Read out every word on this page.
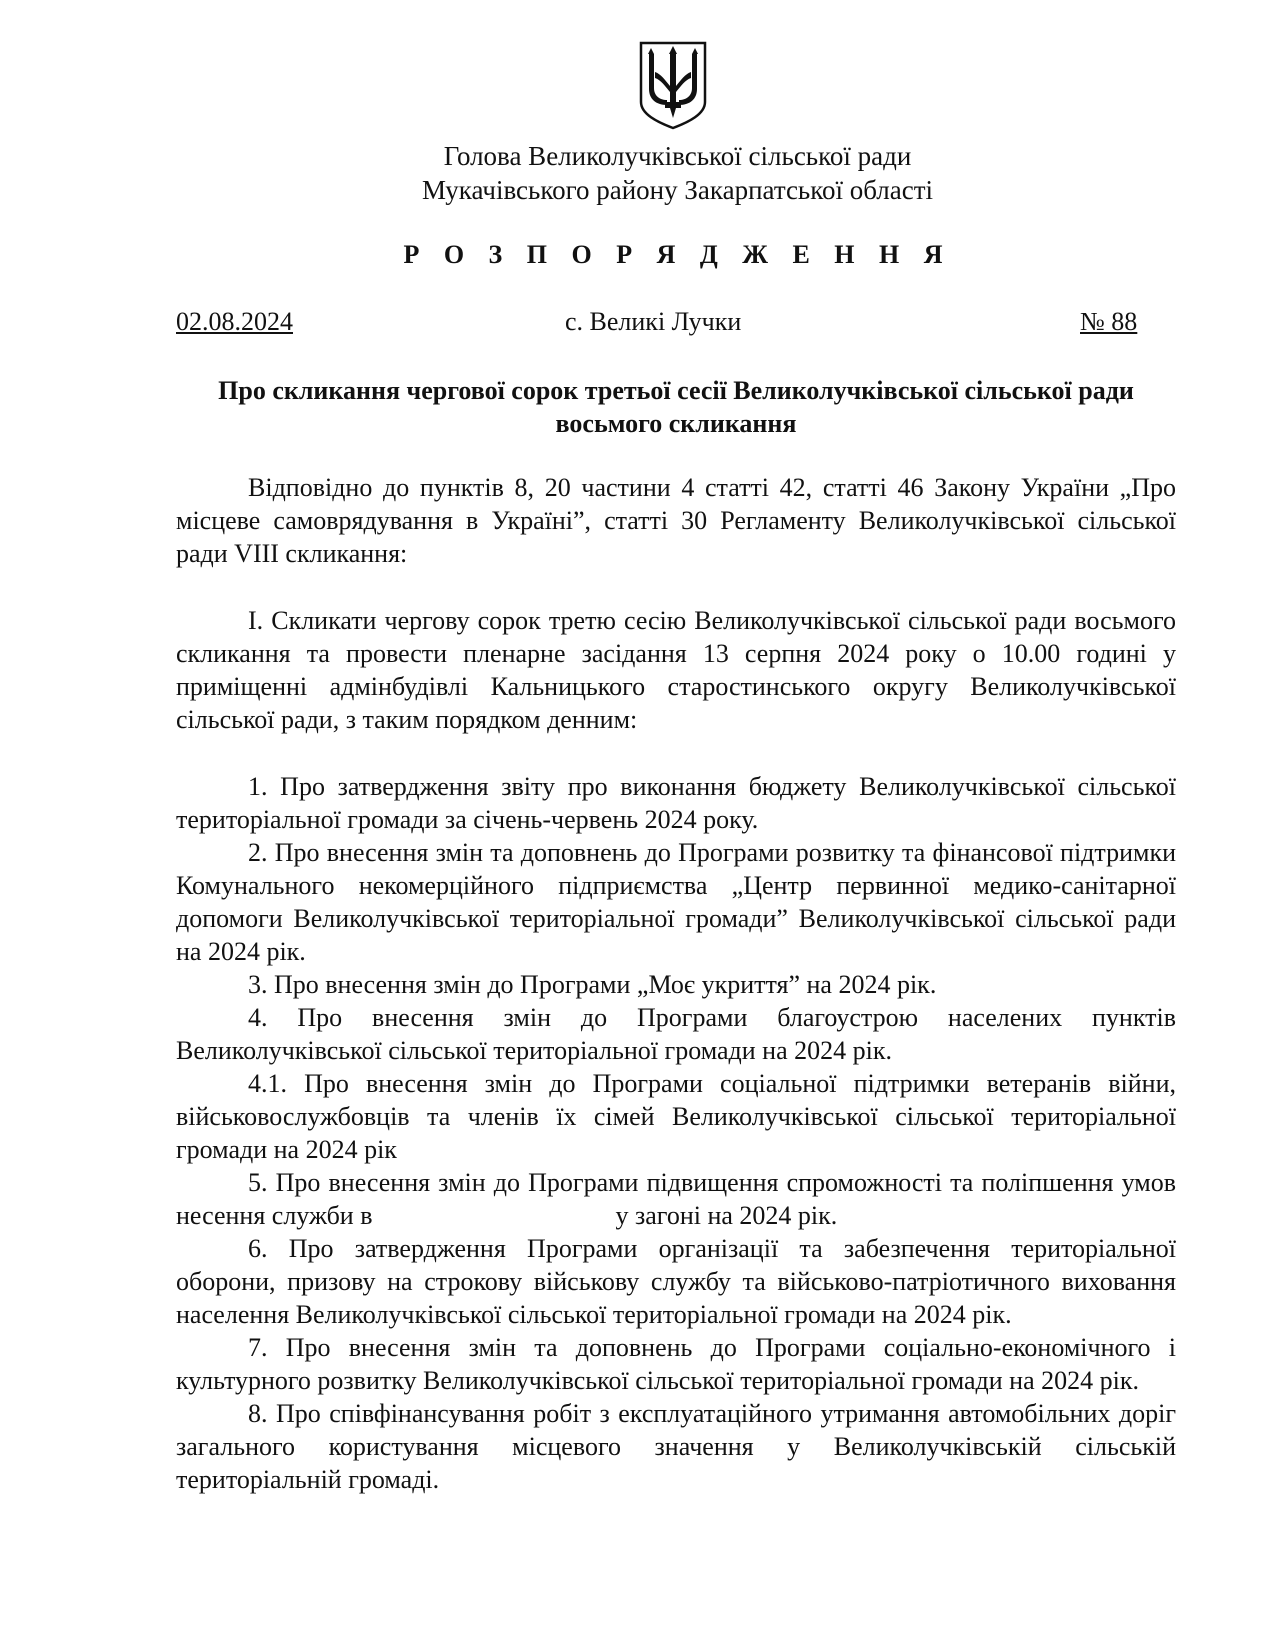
Голова Великолучківської сільської ради
Мукачівського району Закарпатської області
Р О З П О Р Я Д Ж Е Н Н Я
02.08.2024	с. Великі Лучки	№ 88
Про скликання чергової сорок третьої сесії Великолучківської сільської ради восьмого скликання

Відповідно до пунктів 8, 20 частини 4 статті 42, статті 46 Закону України „Про місцеве самоврядування в Україні”, статті 30 Регламенту Великолучківської сільської ради VIII скликання:

I. Скликати чергову сорок третю сесію Великолучківської сільської ради восьмого скликання та провести пленарне засідання 13 серпня 2024 року о 10.00 годині у приміщенні адмінбудівлі Кальницького старостинського округу Великолучківської сільської ради, з таким порядком денним:

1. Про затвердження звіту про виконання бюджету Великолучківської сільської територіальної громади за січень-червень 2024 року.

2. Про внесення змін та доповнень до Програми розвитку та фінансової підтримки Комунального некомерційного підприємства „Центр первинної медико-санітарної допомоги Великолучківської територіальної громади” Великолучківської сільської ради на 2024 рік.

3. Про внесення змін до Програми „Моє укриття” на 2024 рік.

4. Про внесення змін до Програми благоустрою населених пунктів Великолучківської сільської територіальної громади на 2024 рік.

4.1. Про внесення змін до Програми соціальної підтримки ветеранів війни, військовослужбовців та членів їх сімей Великолучківської сільської територіальної громади на 2024 рік

5. Про внесення змін до Програми підвищення спроможності та поліпшення умов несення служби в	у загоні на 2024 рік.

6. Про затвердження Програми організації та забезпечення територіальної оборони, призову на строкову військову службу та військово-патріотичного виховання населення Великолучківської сільської територіальної громади на 2024 рік.

7. Про внесення змін та доповнень до Програми соціально-економічного і культурного розвитку Великолучківської сільської територіальної громади на 2024 рік.

8. Про співфінансування робіт з експлуатаційного утримання автомобільних доріг загального користування місцевого значення у Великолучківській сільській територіальній громаді.
